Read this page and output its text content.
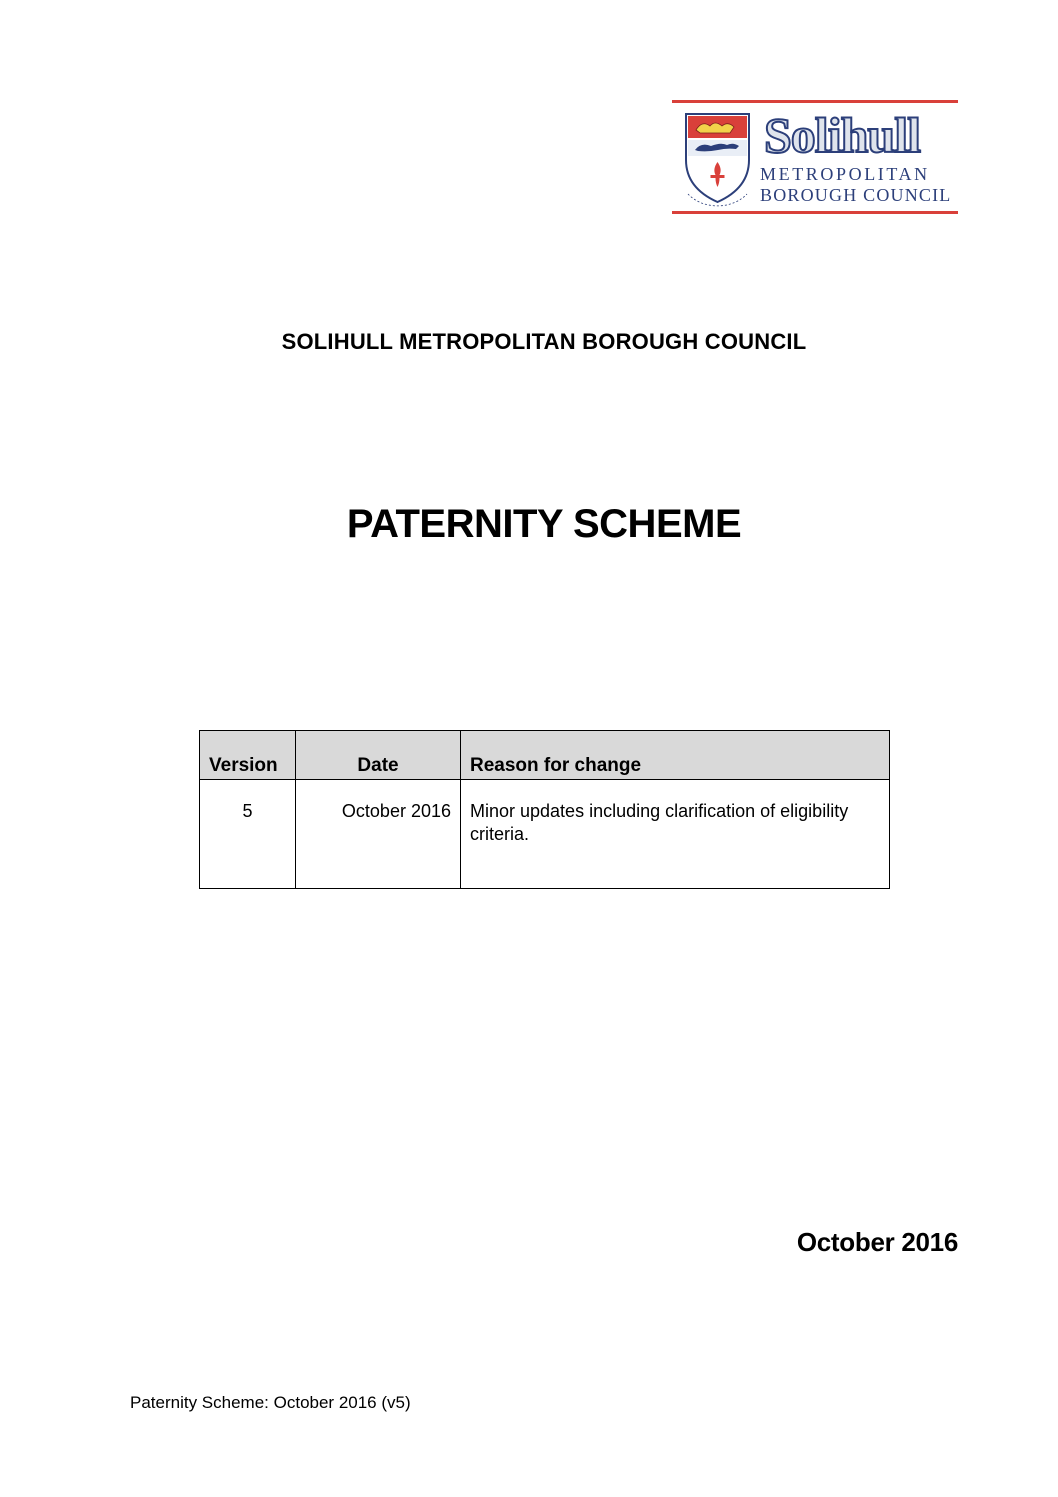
Solihull
METROPOLITAN
BOROUGH COUNCIL
SOLIHULL METROPOLITAN BOROUGH COUNCIL
PATERNITY SCHEME
Version	Date	Reason for change
5	October 2016	Minor updates including clarification of eligibility criteria.
October 2016
Paternity Scheme: October 2016 (v5)
